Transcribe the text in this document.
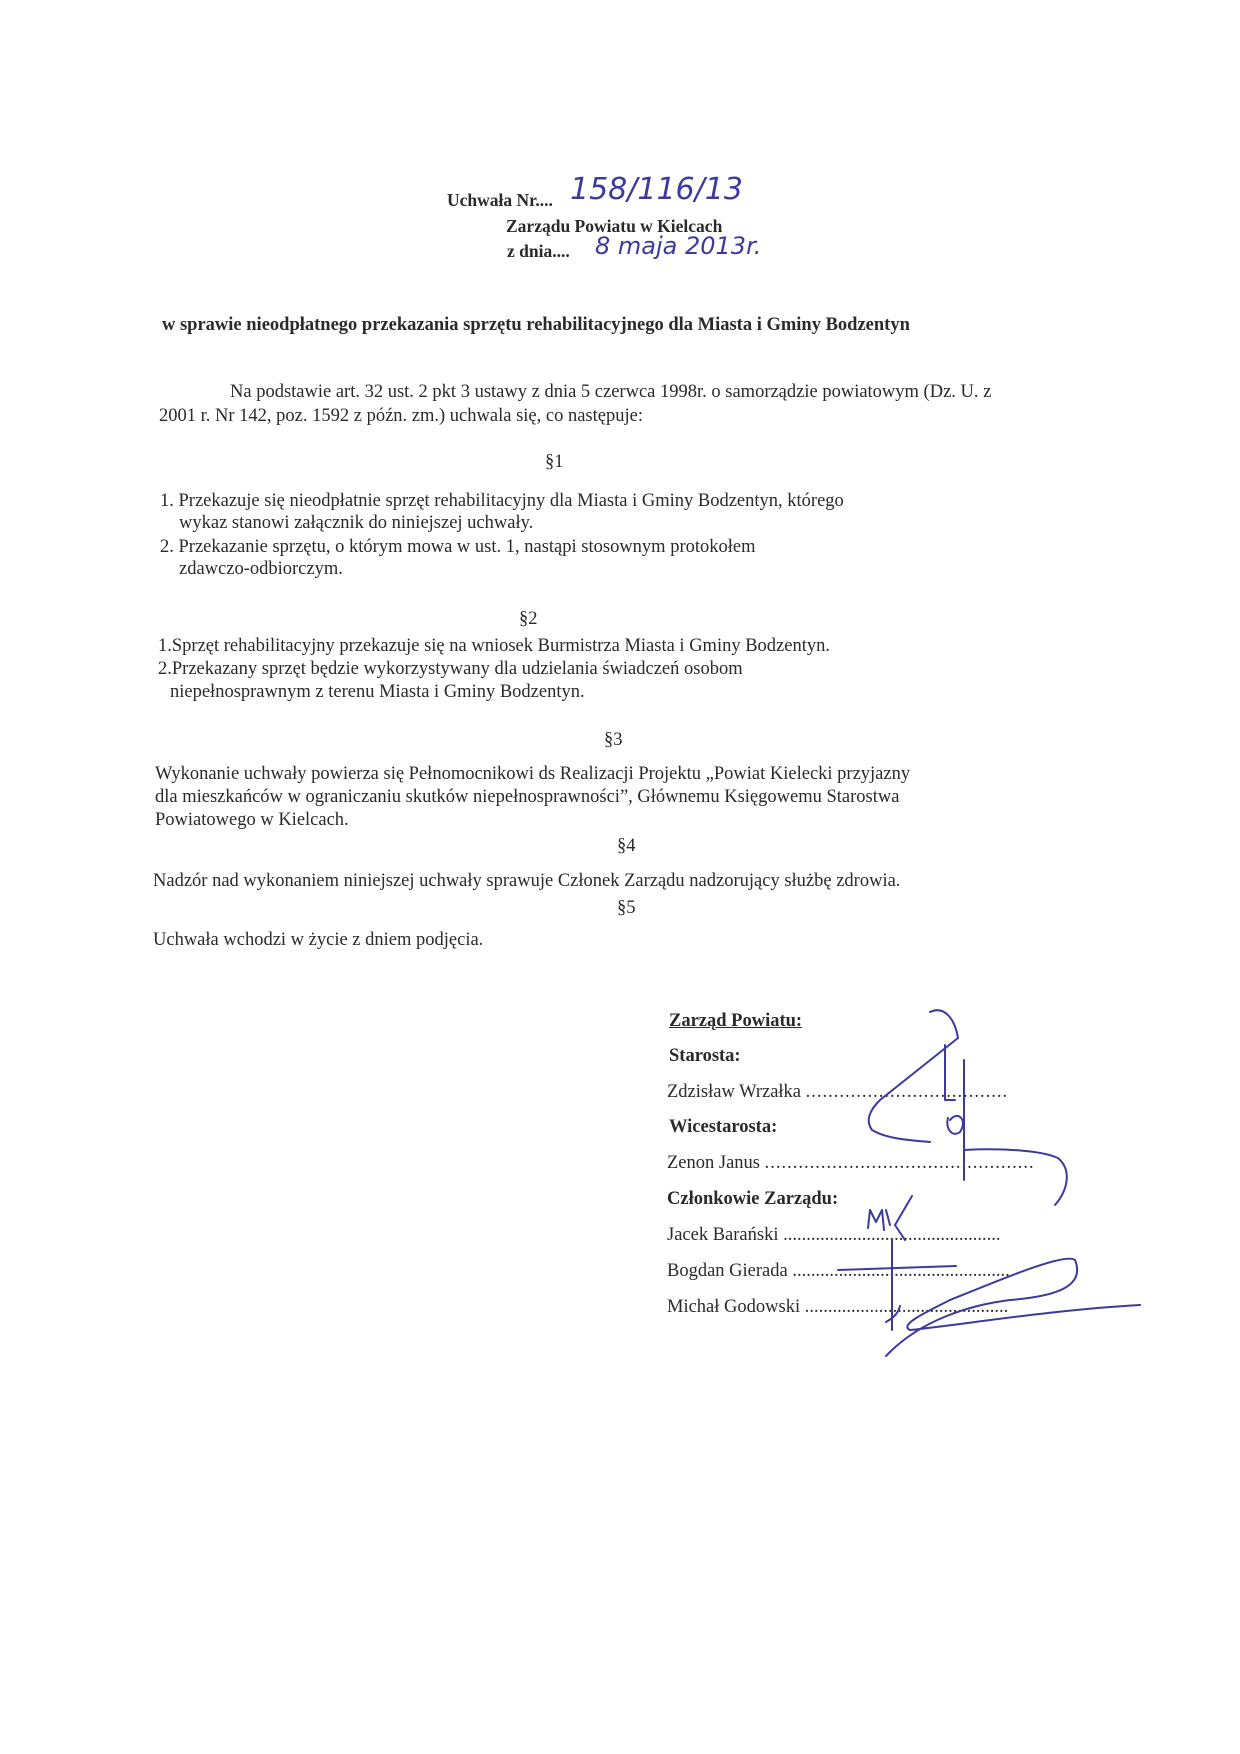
Uchwała Nr.... 158/116/13
Zarządu Powiatu w Kielcach
z dnia.... 8 maja 2013r.
w sprawie nieodpłatnego przekazania sprzętu rehabilitacyjnego dla Miasta i Gminy Bodzentyn
Na podstawie art. 32 ust. 2 pkt 3 ustawy z dnia 5 czerwca 1998r. o samorządzie powiatowym (Dz. U. z
2001 r. Nr 142, poz. 1592 z późn. zm.) uchwala się, co następuje:
§1
1. Przekazuje się nieodpłatnie sprzęt rehabilitacyjny dla Miasta i Gminy Bodzentyn, którego
wykaz stanowi załącznik do niniejszej uchwały.
2. Przekazanie sprzętu, o którym mowa w ust. 1, nastąpi stosownym protokołem
zdawczo-odbiorczym.
§2
1.Sprzęt rehabilitacyjny przekazuje się na wniosek Burmistrza Miasta i Gminy Bodzentyn.
2.Przekazany sprzęt będzie wykorzystywany dla udzielania świadczeń osobom
niepełnosprawnym z terenu Miasta i Gminy Bodzentyn.
§3
Wykonanie uchwały powierza się Pełnomocnikowi ds Realizacji Projektu „Powiat Kielecki przyjazny
dla mieszkańców w ograniczaniu skutków niepełnosprawności”, Głównemu Księgowemu Starostwa
Powiatowego w Kielcach.
§4
Nadzór nad wykonaniem niniejszej uchwały sprawuje Członek Zarządu nadzorujący służbę zdrowia.
§5
Uchwała wchodzi w życie z dniem podjęcia.
Zarząd Powiatu:
Starosta:
Zdzisław Wrzałka ....................................
Wicestarosta:
Zenon Janus ................................................
Członkowie Zarządu:
Jacek Barański ...............................................
Bogdan Gierada ...............................................
Michał Godowski ............................................
